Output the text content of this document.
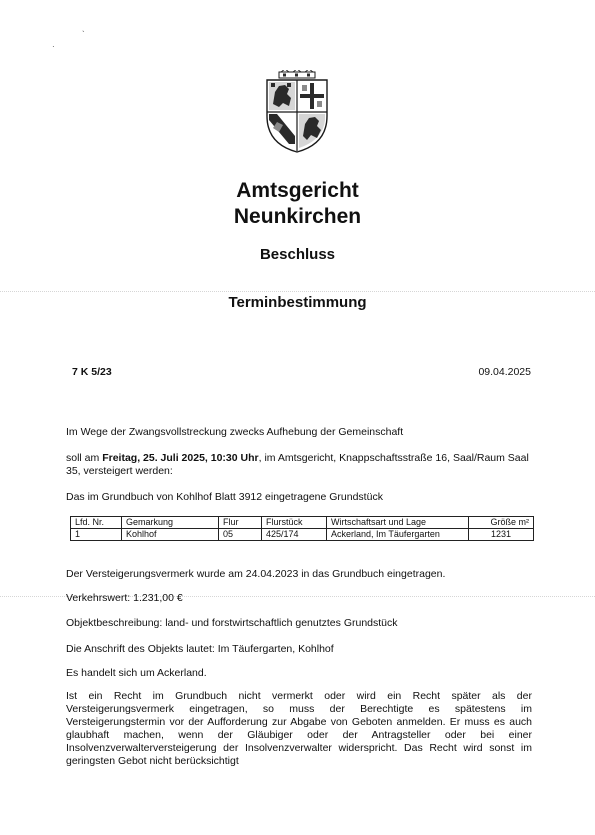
·
`
Amtsgericht
Neunkirchen
Beschluss
Terminbestimmung
7 K 5/23	09.04.2025
Im Wege der Zwangsvollstreckung zwecks Aufhebung der Gemeinschaft
soll am Freitag, 25. Juli 2025, 10:30 Uhr, im Amtsgericht, Knappschaftsstraße 16, Saal/Raum Saal 35, versteigert werden:
Das im Grundbuch von Kohlhof Blatt 3912 eingetragene Grundstück
Lfd. Nr.	Gemarkung	Flur	Flurstück	Wirtschaftsart und Lage	Größe m²
1	Kohlhof	05	425/174	Ackerland, Im Täufergarten	1231
Der Versteigerungsvermerk wurde am 24.04.2023 in das Grundbuch eingetragen.
Verkehrswert: 1.231,00 €
Objektbeschreibung: land- und forstwirtschaftlich genutztes Grundstück
Die Anschrift des Objekts lautet: Im Täufergarten, Kohlhof
Es handelt sich um Ackerland.
Ist ein Recht im Grundbuch nicht vermerkt oder wird ein Recht später als der Versteigerungsvermerk eingetragen, so muss der Berechtigte es spätestens im Versteigerungstermin vor der Aufforderung zur Abgabe von Geboten anmelden. Er muss es auch glaubhaft machen, wenn der Gläubiger oder der Antragsteller oder bei einer Insolvenzverwalterversteigerung der Insolvenzverwalter widerspricht. Das Recht wird sonst im geringsten Gebot nicht berücksichtigt
